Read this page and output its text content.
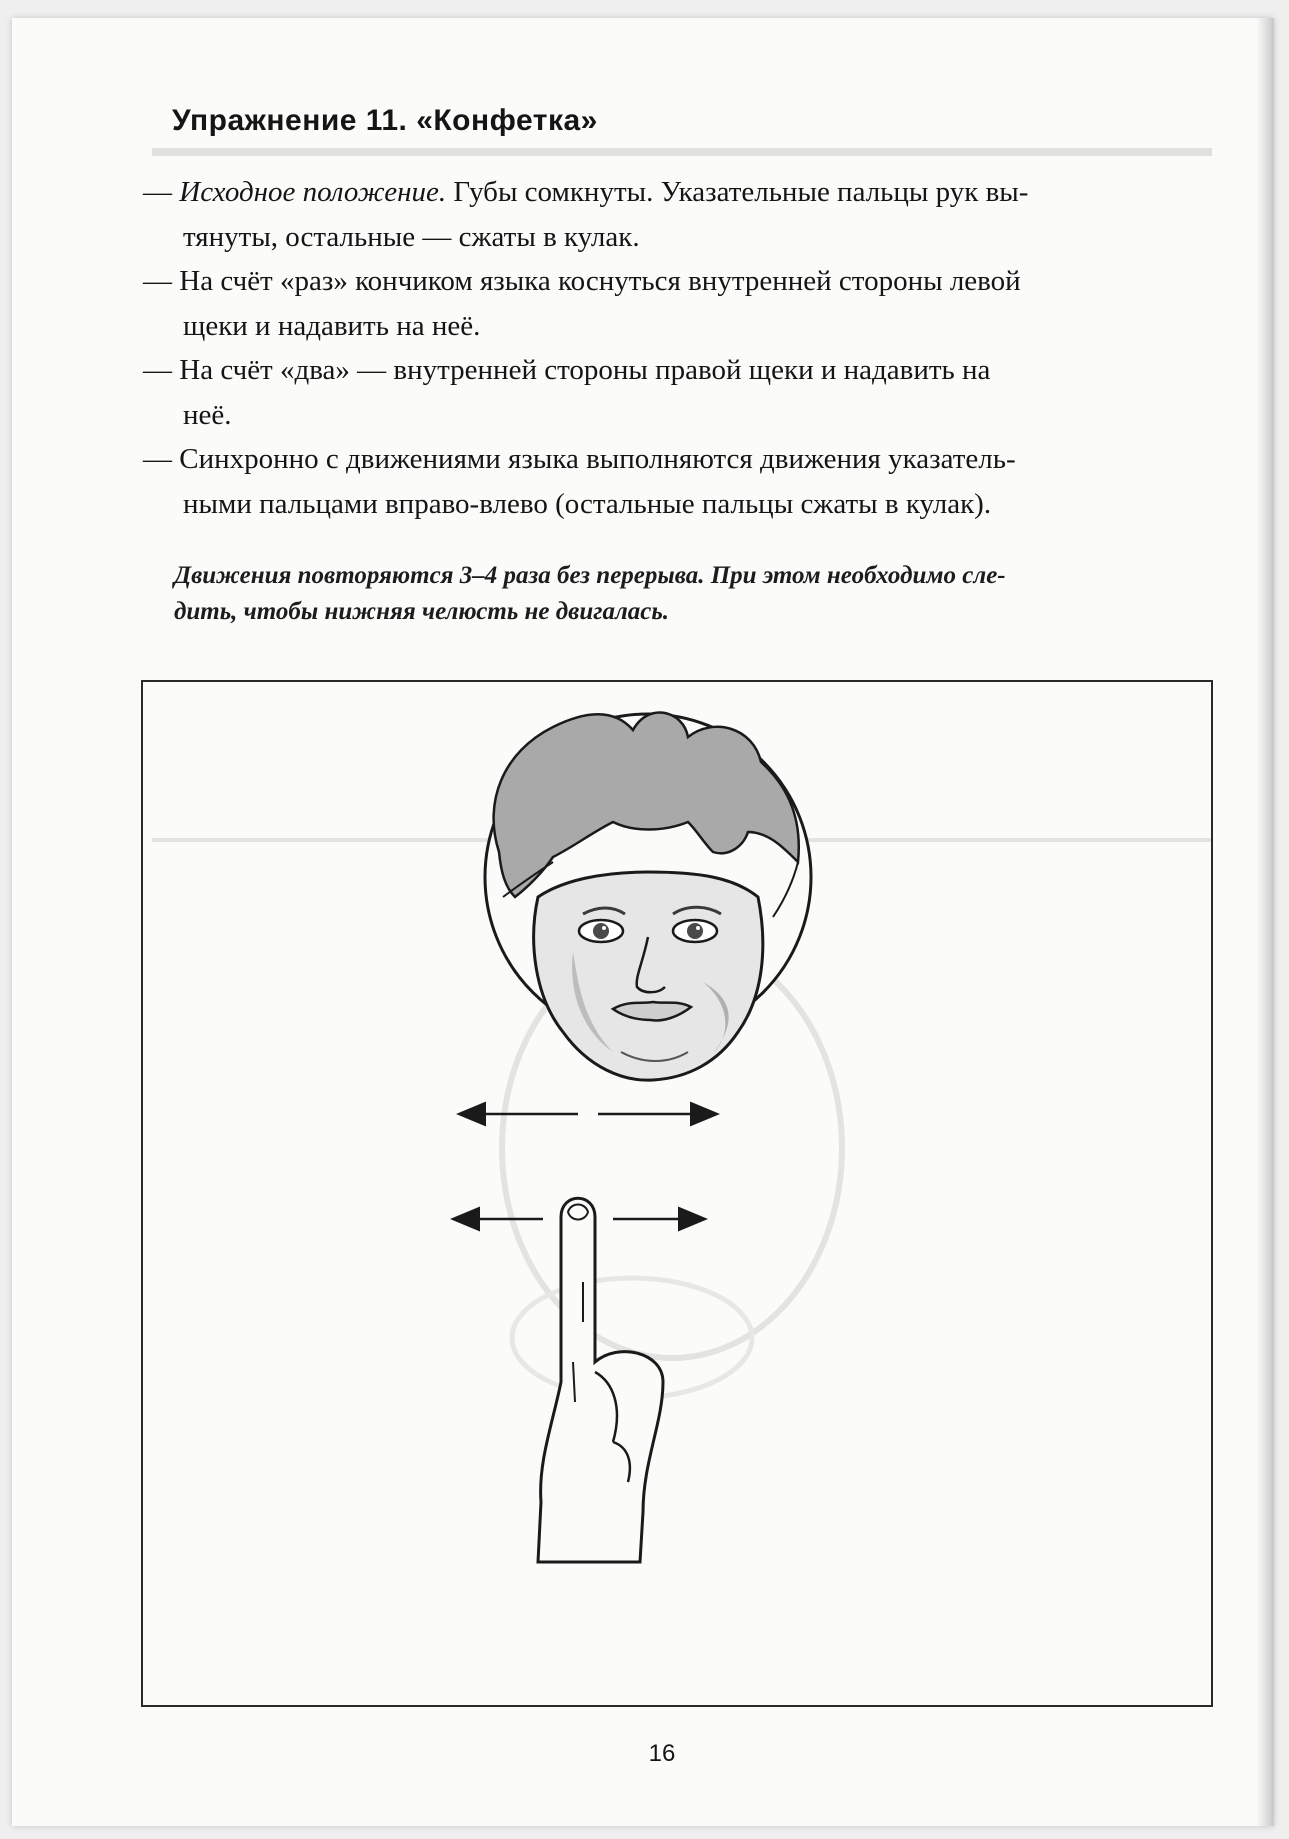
Упражнение 11. «Конфетка»
— Исходное положение. Губы сомкнуты. Указательные пальцы рук вы-
тянуты, остальные — сжаты в кулак.
— На счёт «раз» кончиком языка коснуться внутренней стороны левой
щеки и надавить на неё.
— На счёт «два» — внутренней стороны правой щеки и надавить на
неё.
— Синхронно с движениями языка выполняются движения указатель-
ными пальцами вправо-влево (остальные пальцы сжаты в кулак).

Движения повторяются 3–4 раза без перерыва. При этом необходимо сле-
дить, чтобы нижняя челюсть не двигалась.

16
